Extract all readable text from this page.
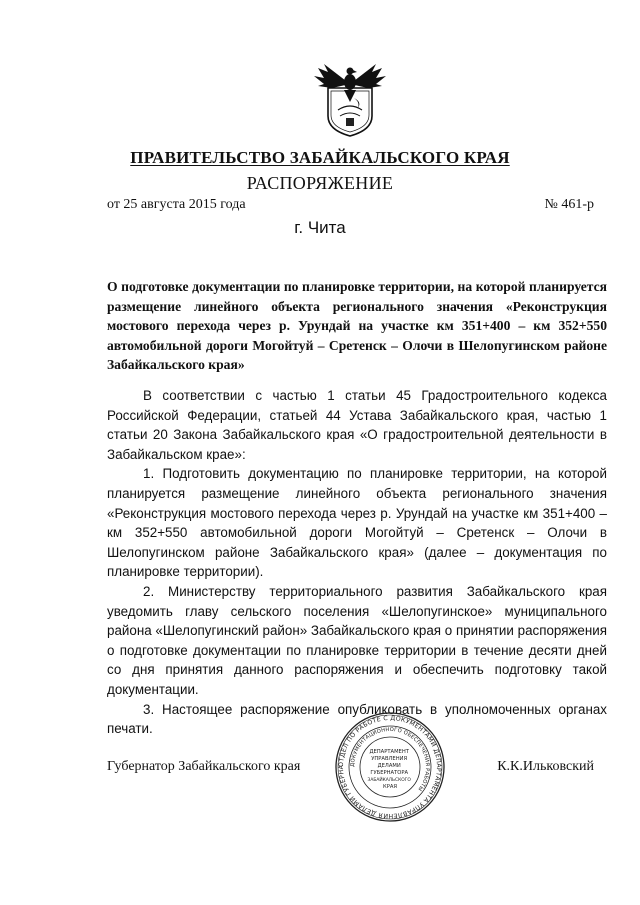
ПРАВИТЕЛЬСТВО ЗАБАЙКАЛЬСКОГО КРАЯ
РАСПОРЯЖЕНИЕ
от 25 августа 2015 года	№ 461-р
г. Чита
О подготовке документации по планировке территории, на которой планируется размещение линейного объекта регионального значения «Реконструкция мостового перехода через р. Урундай на участке км 351+400 – км 352+550 автомобильной дороги Могойтуй – Сретенск – Олочи в Шелопугинском районе Забайкальского края»

В соответствии с частью 1 статьи 45 Градостроительного кодекса Российской Федерации, статьей 44 Устава Забайкальского края, частью 1 статьи 20 Закона Забайкальского края «О градостроительной деятельности в Забайкальском крае»:

1. Подготовить документацию по планировке территории, на которой планируется размещение линейного объекта регионального значения «Реконструкция мостового перехода через р. Урундай на участке км 351+400 – км 352+550 автомобильной дороги Могойтуй – Сретенск – Олочи в Шелопугинском районе Забайкальского края» (далее – документация по планировке территории).

2. Министерству территориального развития Забайкальского края уведомить главу сельского поселения «Шелопугинское» муниципального района «Шелопугинский район» Забайкальского края о принятии распоряжения о подготовке документации по планировке территории в течение десяти дней со дня принятия данного распоряжения и обеспечить подготовку такой документации.

3. Настоящее распоряжение опубликовать в уполномоченных органах печати.

Губернатор Забайкальского края	К.К.Ильковский
ОТДЕЛ ПО РАБОТЕ С ДОКУМЕНТАМИ ДЕПАРТАМЕНТА УПРАВЛЕНИЯ ДЕЛАМИ ГУБЕРНА ДОКУМЕНТАЦИОННОГО ОБЕСПЕЧЕНИЯ РАБОТЫ
ДЕПАРТАМЕНТ УПРАВЛЕНИЯ ДЕЛАМИ ГУБЕРНАТОРА ЗАБАЙКАЛЬСКОГО КРАЯ
